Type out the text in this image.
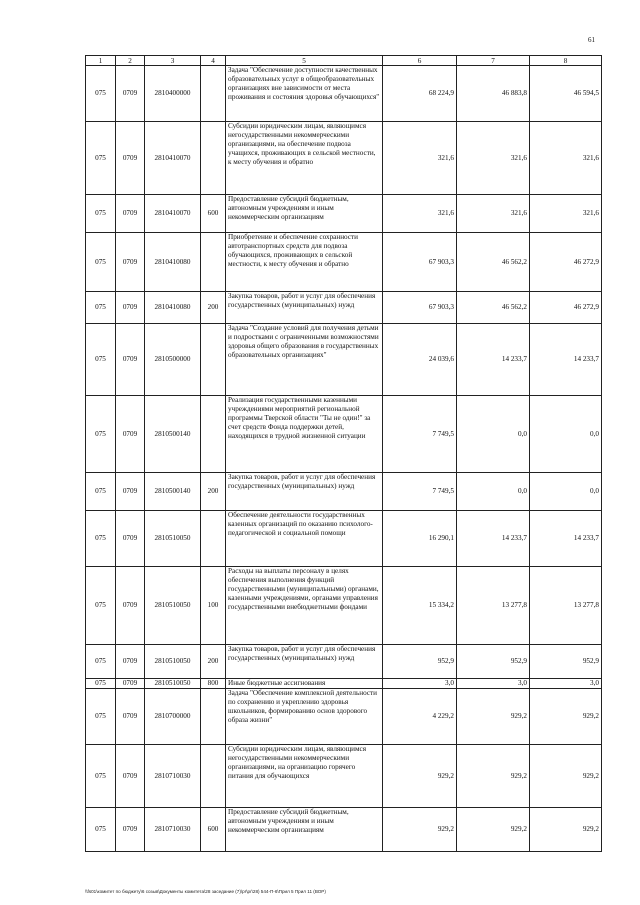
61
1	2	3	4	5	6	7	8
075	0709	2810400000		Задача "Обеспечение доступности качественных образовательных услуг в общеобразовательных организациях вне зависимости от места проживания и состояния здоровья обучающихся"	68 224,9	46 883,8	46 594,5
075	0709	2810410070		Субсидии юридическим лицам, являющимся негосударственными некоммерческими организациями, на обеспечение подвоза учащихся, проживающих в сельской местности, к месту обучения и обратно	321,6	321,6	321,6
075	0709	2810410070	600	Предоставление субсидий бюджетным, автономным учреждениям и иным некоммерческим организациям	321,6	321,6	321,6
075	0709	2810410080		Приобретение и обеспечение сохранности автотранспортных средств для подвоза обучающихся, проживающих в сельской местности, к месту обучения и обратно	67 903,3	46 562,2	46 272,9
075	0709	2810410080	200	Закупка товаров, работ и услуг для обеспечения государственных (муниципальных) нужд	67 903,3	46 562,2	46 272,9
075	0709	2810500000		Задача "Создание условий для получения детьми и подростками с ограниченными возможностями здоровья общего образования в государственных образовательных организациях"	24 039,6	14 233,7	14 233,7
075	0709	2810500140		Реализация государственными казенными учреждениями мероприятий региональной программы Тверской области "Ты не один!" за счет средств Фонда поддержки детей, находящихся в трудной жизненной ситуации	7 749,5	0,0	0,0
075	0709	2810500140	200	Закупка товаров, работ и услуг для обеспечения государственных (муниципальных) нужд	7 749,5	0,0	0,0
075	0709	2810510050		Обеспечение деятельности государственных казенных организаций по оказанию психолого-педагогической и социальной помощи	16 290,1	14 233,7	14 233,7
075	0709	2810510050	100	Расходы на выплаты персоналу в целях обеспечения выполнения функций государственными (муниципальными) органами, казенными учреждениями, органами управления государственными внебюджетными фондами	15 334,2	13 277,8	13 277,8
075	0709	2810510050	200	Закупка товаров, работ и услуг для обеспечения государственных (муниципальных) нужд	952,9	952,9	952,9
075	0709	2810510050	800	Иные бюджетные ассигнования	3,0	3,0	3,0
075	0709	2810700000		Задача "Обеспечение комплексной деятельности по сохранению и укреплению здоровья школьников, формированию основ здорового образа жизни"	4 229,2	929,2	929,2
075	0709	2810710030		Субсидии юридическим лицам, являющимся негосударственными некоммерческими организациями, на организацию горячего питания для обучающихся	929,2	929,2	929,2
075	0709	2810710030	600	Предоставление субсидий бюджетным, автономным учреждениям и иным некоммерческим организациям	929,2	929,2	929,2
\\fs01\комитет по бюджету\6 созыв\Документы комитета\28 заседание (7)\pr\pr\28) 544-П-6\Прил 5 Прил 11 (ВОР)
